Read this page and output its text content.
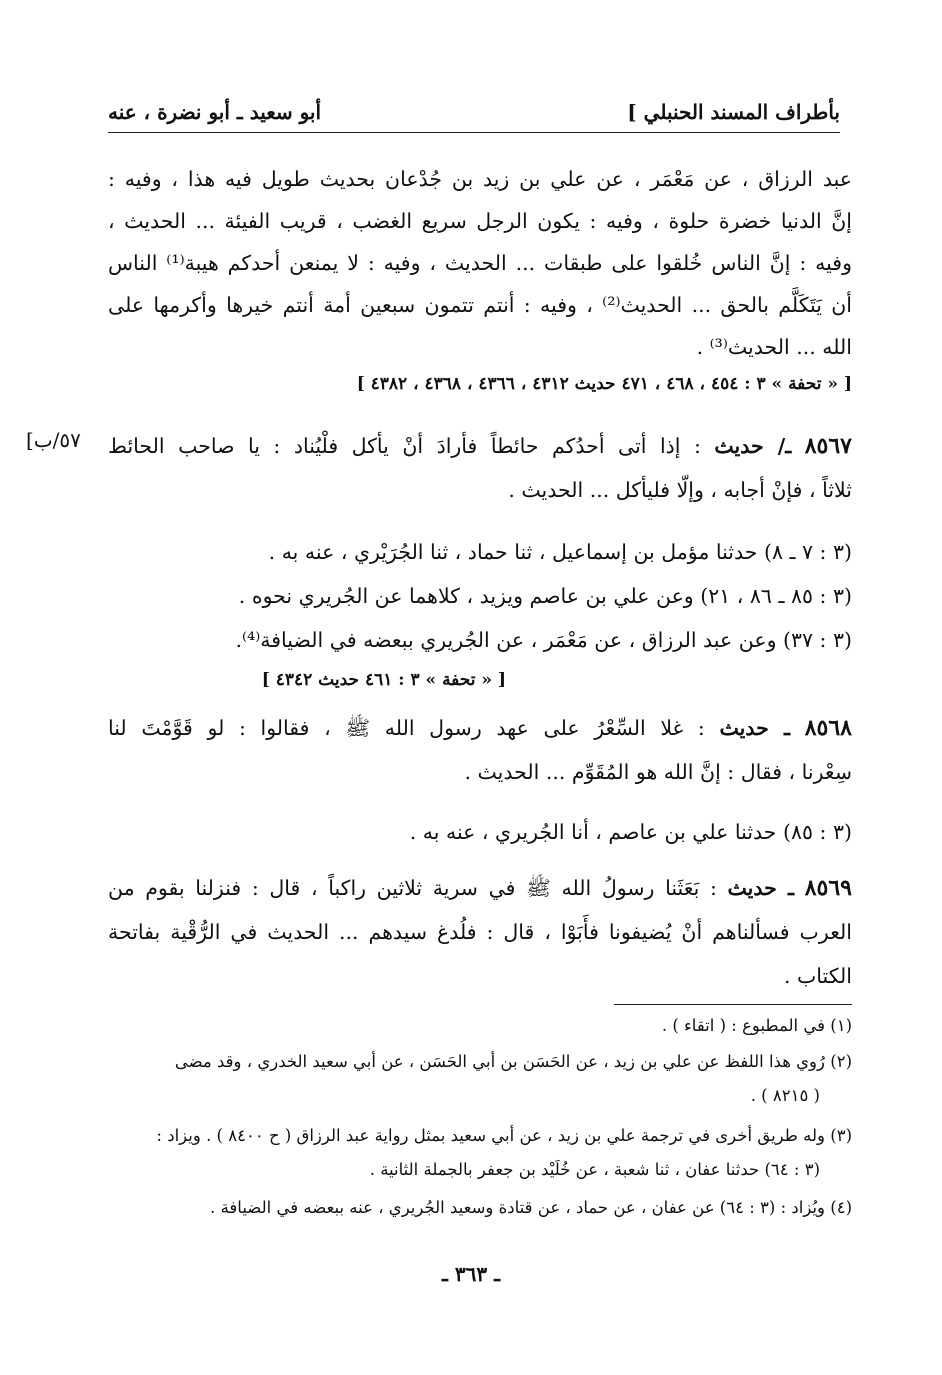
بأطراف المسند الحنبلي ]
أبو سعيد ـ أبو نضرة ، عنه
عبد الرزاق ، عن مَعْمَر ، عن علي بن زيد بن جُدْعان بحديث طويل فيه هذا ، وفيه :
إنَّ الدنيا خضرة حلوة ، وفيه : يكون الرجل سريع الغضب ، قريب الفيئة ... الحديث ،
وفيه : إنَّ الناس خُلقوا على طبقات ... الحديث ، وفيه : لا يمنعن أحدكم هيبة⁽¹⁾ الناس
أن يَتَكَلَّم بالحق ... الحديث⁽²⁾ ، وفيه : أنتم تتمون سبعين أمة أنتم خيرها وأكرمها على
الله ... الحديث⁽³⁾ .
[ « تحفة » ٣ : ٤٥٤ ، ٤٦٨ ، ٤٧١ حديث ٤٣١٢ ، ٤٣٦٦ ، ٤٣٦٨ ، ٤٣٨٢ ]
[٥٧/ب	٨٥٦٧ ـ/ حديث : إذا أتى أحدُكم حائطاً فأرادَ أنْ يأكل فلْيُناد : يا صاحب الحائط
ثلاثاً ، فإنْ أجابه ، وإلّا فليأكل ... الحديث .
(٣ : ٧ ـ ٨) حدثنا مؤمل بن إسماعيل ، ثنا حماد ، ثنا الجُرَيْري ، عنه به .
(٣ : ٨٥ ـ ٨٦ ، ٢١) وعن علي بن عاصم ويزيد ، كلاهما عن الجُريري نحوه .
(٣ : ٣٧) وعن عبد الرزاق ، عن مَعْمَر ، عن الجُريري ببعضه في الضيافة⁽⁴⁾.
[ « تحفة » ٣ : ٤٦١ حديث ٤٣٤٢ ]
٨٥٦٨ ـ حديث : غلا السِّعْرُ على عهد رسول الله ﷺ ، فقالوا : لو قَوَّمْتَ لنا
سِعْرنا ، فقال : إنَّ الله هو المُقَوِّم ... الحديث .
(٣ : ٨٥) حدثنا علي بن عاصم ، أنا الجُريري ، عنه به .
٨٥٦٩ ـ حديث : بَعَثَنا رسولُ الله ﷺ في سرية ثلاثين راكباً ، قال : فنزلنا بقوم من
العرب فسألناهم أنْ يُضيفونا فأَبَوْا ، قال : فلُدغ سيدهم ... الحديث في الرُّقْية بفاتحة
الكتاب .
(١) في المطبوع : ( اتقاء ) .
(٢) رُوي هذا اللفظ عن علي بن زيد ، عن الحَسَن بن أبي الحَسَن ، عن أبي سعيد الخدري ، وقد مضى
( ٨٢١٥ ) .
(٣) وله طريق أخرى في ترجمة علي بن زيد ، عن أبي سعيد بمثل رواية عبد الرزاق ( ح ٨٤٠٠ ) . ويزاد :
(٣ : ٦٤) حدثنا عفان ، ثنا شعبة ، عن خُلَيْد بن جعفر بالجملة الثانية .
(٤) ويُزاد : (٣ : ٦٤) عن عفان ، عن حماد ، عن قتادة وسعيد الجُريري ، عنه ببعضه في الضيافة .
ـ ٣٦٣ ـ
